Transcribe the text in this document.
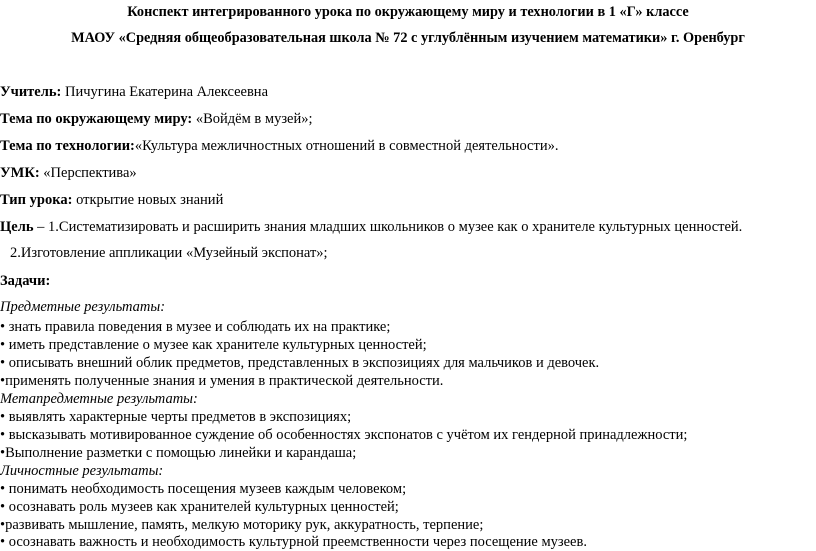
Конспект интегрированного урока по окружающему миру и технологии в 1 «Г» классе
МАОУ «Средняя общеобразовательная школа № 72 с углублённым изучением математики» г. Оренбург
Учитель: Пичугина Екатерина Алексеевна
Тема по окружающему миру: «Войдём в музей»;
Тема по технологии:«Культура межличностных отношений в совместной деятельности».
УМК: «Перспектива»
Тип урока: открытие новых знаний
Цель – 1.Систематизировать и расширить знания младших школьников о музее как о хранителе культурных ценностей.
2.Изготовление аппликации «Музейный экспонат»;
Задачи:
Предметные результаты:
• знать правила поведения в музее и соблюдать их на практике;
• иметь представление о музее как хранителе культурных ценностей;
• описывать внешний облик предметов, представленных в экспозициях для мальчиков и девочек.
•применять полученные знания и умения в практической деятельности.
Метапредметные результаты:
• выявлять характерные черты предметов в экспозициях;
• высказывать мотивированное суждение об особенностях экспонатов с учётом их гендерной принадлежности;
•Выполнение разметки с помощью линейки и карандаша;
Личностные результаты:
• понимать необходимость посещения музеев каждым человеком;
• осознавать роль музеев как хранителей культурных ценностей;
•развивать мышление, память, мелкую моторику рук, аккуратность, терпение;
• осознавать важность и необходимость культурной преемственности через посещение музеев.
